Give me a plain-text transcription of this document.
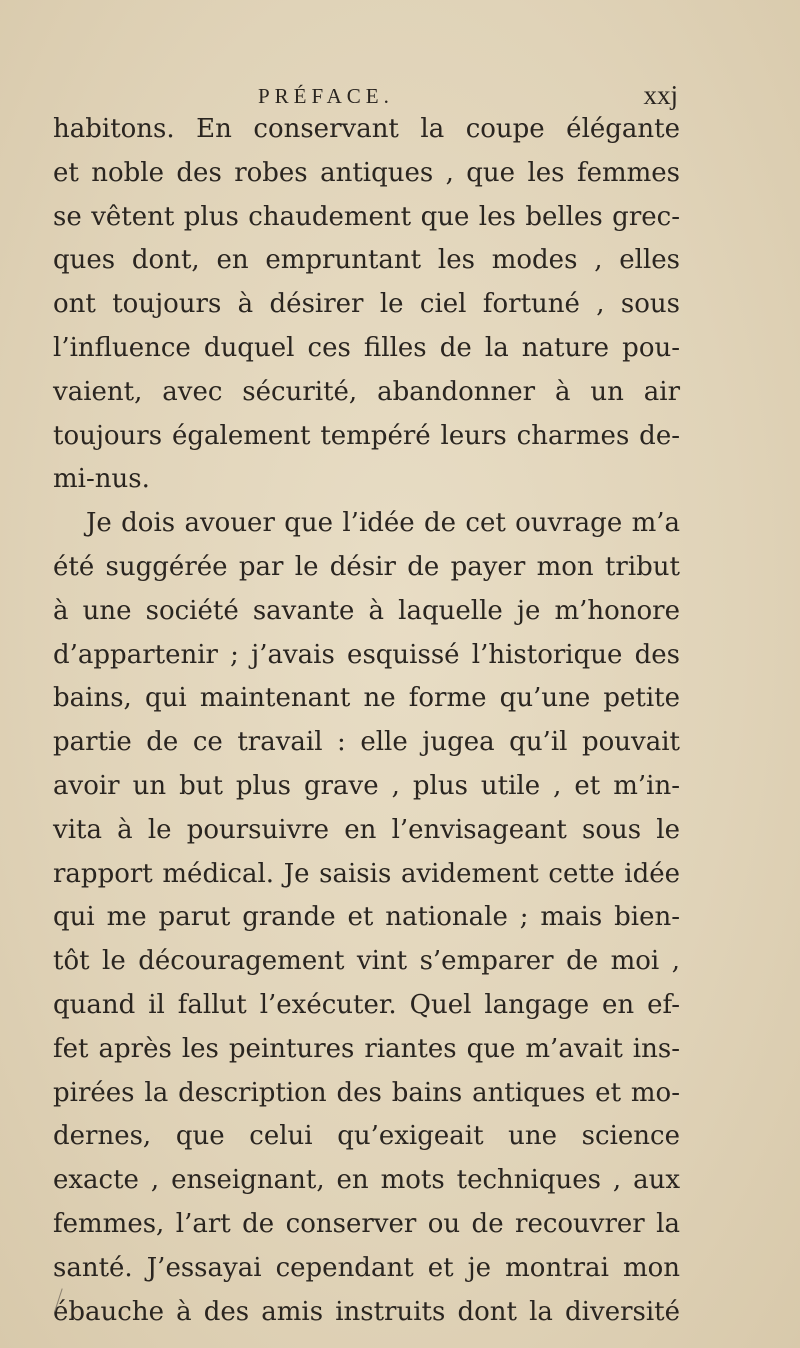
PRÉFACE.	xxj
habitons. En conservant la coupe élégante
et noble des robes antiques , que les femmes
se vêtent plus chaudement que les belles grec-
ques dont, en empruntant les modes , elles
ont toujours à désirer le ciel fortuné , sous
l’influence duquel ces filles de la nature pou-
vaient, avec sécurité, abandonner à un air
toujours également tempéré leurs charmes de-
mi-nus.
Je dois avouer que l’idée de cet ouvrage m’a
été suggérée par le désir de payer mon tribut
à une société savante à laquelle je m’honore
d’appartenir ; j’avais esquissé l’historique des
bains, qui maintenant ne forme qu’une petite
partie de ce travail : elle jugea qu’il pouvait
avoir un but plus grave , plus utile , et m’in-
vita à le poursuivre en l’envisageant sous le
rapport médical. Je saisis avidement cette idée
qui me parut grande et nationale ; mais bien-
tôt le découragement vint s’emparer de moi ,
quand il fallut l’exécuter. Quel langage en ef-
fet après les peintures riantes que m’avait ins-
pirées la description des bains antiques et mo-
dernes, que celui qu’exigeait une science
exacte , enseignant, en mots techniques , aux
femmes, l’art de conserver ou de recouvrer la
santé. J’essayai cependant et je montrai mon
ébauche à des amis instruits dont la diversité
